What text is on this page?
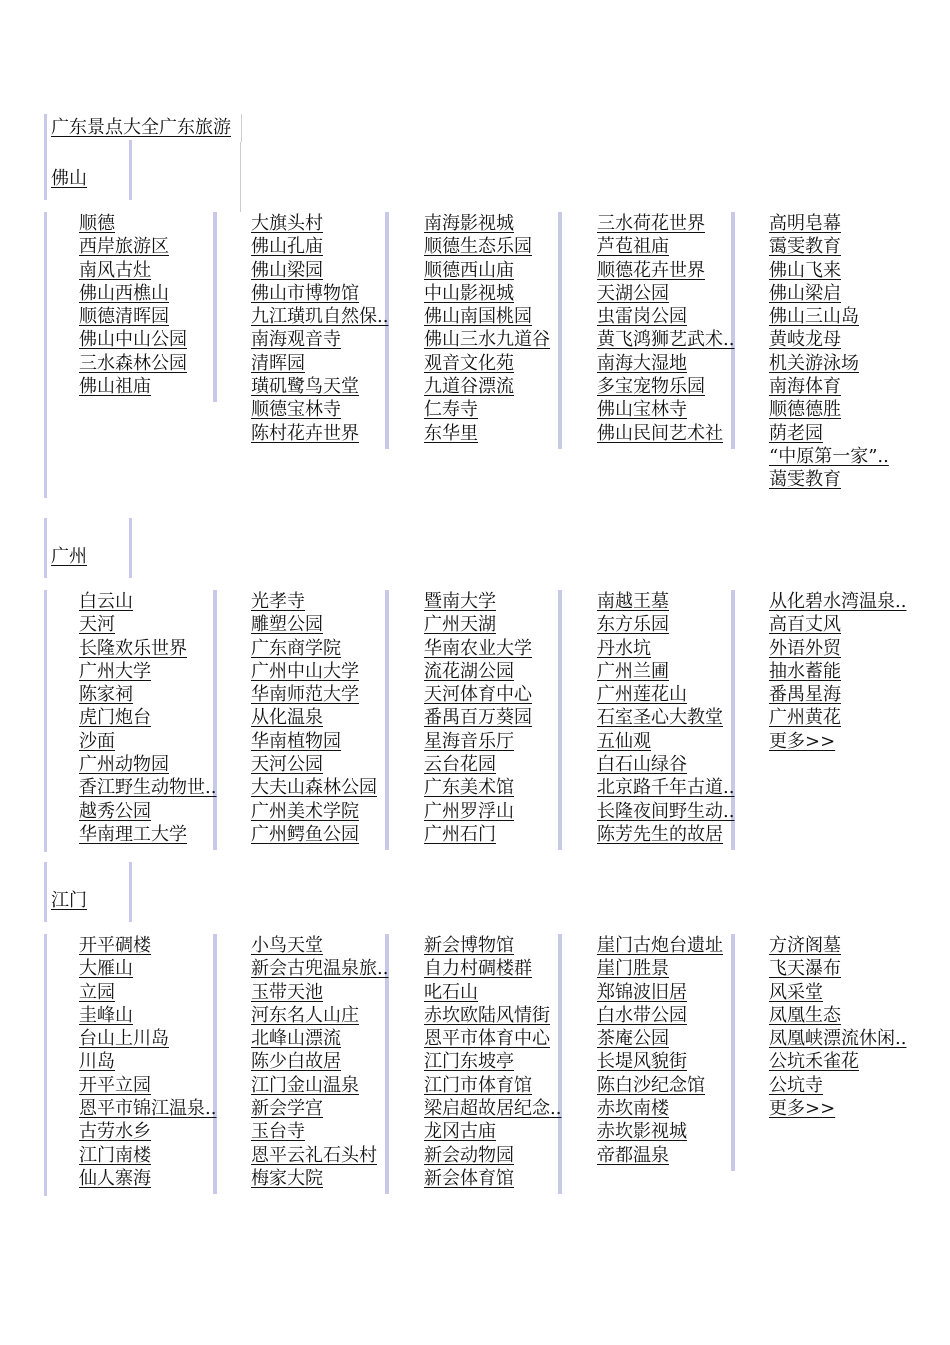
广东景点大全广东旅游
佛山
顺德
西岸旅游区
南风古灶
佛山西樵山
顺德清晖园
佛山中山公园
三水森林公园
佛山祖庙
大旗头村
佛山孔庙
佛山梁园
佛山市博物馆
九江璜玑自然保..
南海观音寺
清晖园
璜矶鹭鸟天堂
顺德宝林寺
陈村花卉世界
南海影视城
顺德生态乐园
顺德西山庙
中山影视城
佛山南国桃园
佛山三水九道谷
观音文化苑
九道谷漂流
仁寿寺
东华里
三水荷花世界
芦苞祖庙
顺德花卉世界
天湖公园
虫雷岗公园
黄飞鸿狮艺武术..
南海大湿地
多宝宠物乐园
佛山宝林寺
佛山民间艺术社
高明皂幕
霭雯教育
佛山飞来
佛山梁启
佛山三山岛
黄岐龙母
机关游泳场
南海体育
顺德德胜
荫老园
“中原第一家”..
蔼雯教育
广州
白云山
天河
长隆欢乐世界
广州大学
陈家祠
虎门炮台
沙面
广州动物园
香江野生动物世..
越秀公园
华南理工大学
光孝寺
雕塑公园
广东商学院
广州中山大学
华南师范大学
从化温泉
华南植物园
天河公园
大夫山森林公园
广州美术学院
广州鳄鱼公园
暨南大学
广州天湖
华南农业大学
流花湖公园
天河体育中心
番禺百万葵园
星海音乐厅
云台花园
广东美术馆
广州罗浮山
广州石门
南越王墓
东方乐园
丹水坑
广州兰圃
广州莲花山
石室圣心大教堂
五仙观
白石山绿谷
北京路千年古道..
长隆夜间野生动..
陈芳先生的故居
从化碧水湾温泉..
高百丈风
外语外贸
抽水蓄能
番禺星海
广州黄花
更多>>
江门
开平碉楼
大雁山
立园
圭峰山
台山上川岛
川岛
开平立园
恩平市锦江温泉..
古劳水乡
江门南楼
仙人寨海
小鸟天堂
新会古兜温泉旅..
玉带天池
河东名人山庄
北峰山漂流
陈少白故居
江门金山温泉
新会学宫
玉台寺
恩平云礼石头村
梅家大院
新会博物馆
自力村碉楼群
叱石山
赤坎欧陆风情街
恩平市体育中心
江门东坡亭
江门市体育馆
梁启超故居纪念..
龙冈古庙
新会动物园
新会体育馆
崖门古炮台遗址
崖门胜景
郑锦波旧居
白水带公园
茶庵公园
长堤风貌街
陈白沙纪念馆
赤坎南楼
赤坎影视城
帝都温泉
方济阁墓
飞天瀑布
风采堂
凤凰生态
凤凰峡漂流休闲..
公坑禾雀花
公坑寺
更多>>
